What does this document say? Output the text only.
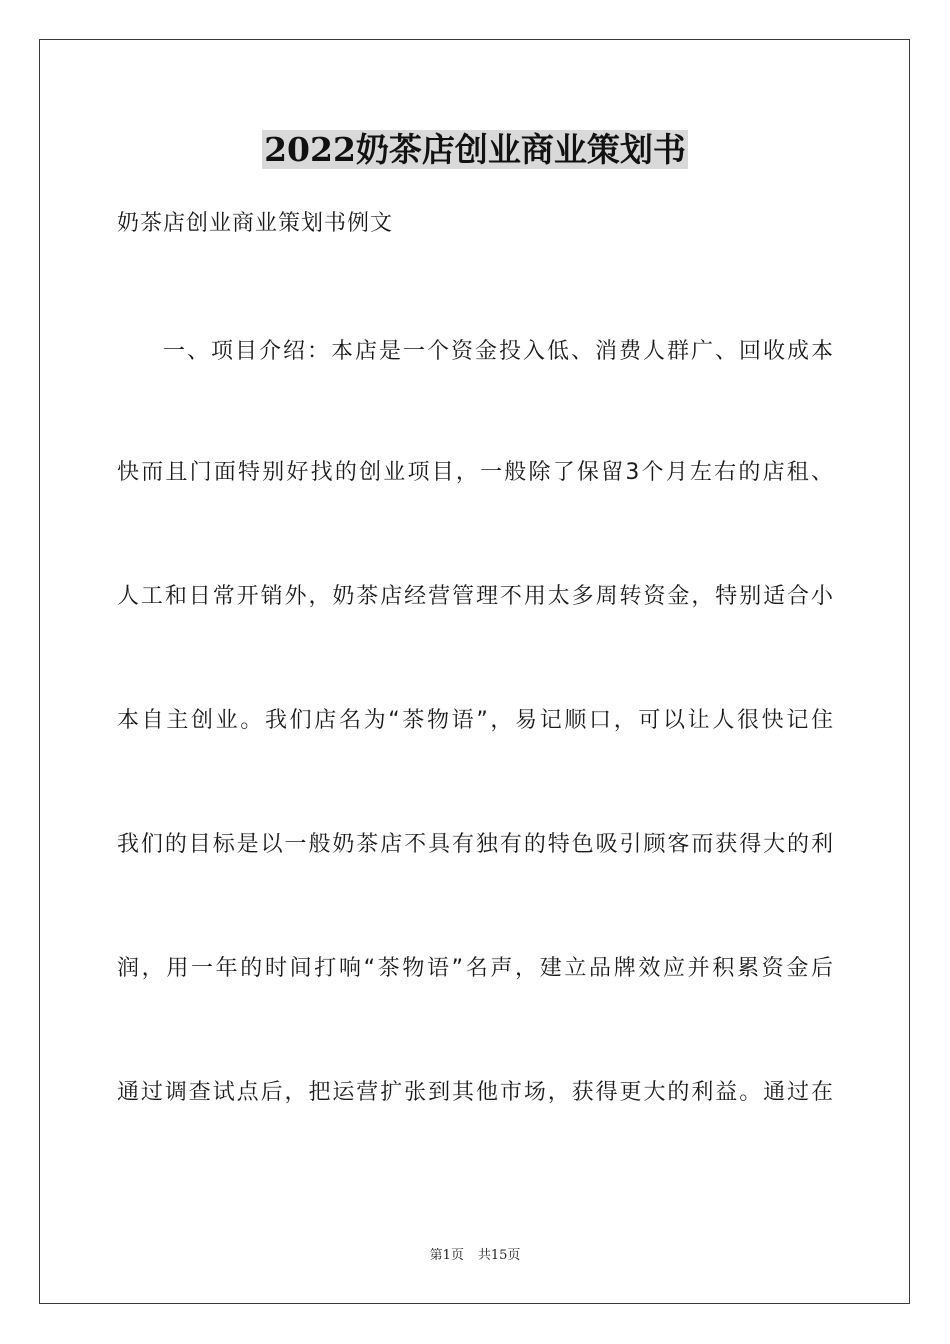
2022奶茶店创业商业策划书
奶茶店创业商业策划书例文
一、项目介绍：本店是一个资金投入低、消费人群广、回收成本
快而且门面特别好找的创业项目，一般除了保留3个月左右的店租、
人工和日常开销外，奶茶店经营管理不用太多周转资金，特别适合小
本自主创业。我们店名为“茶物语”，易记顺口，可以让人很快记住
我们的目标是以一般奶茶店不具有独有的特色吸引顾客而获得大的利
润，用一年的时间打响“茶物语”名声，建立品牌效应并积累资金后
通过调查试点后，把运营扩张到其他市场，获得更大的利益。通过在
第1页 共15页
